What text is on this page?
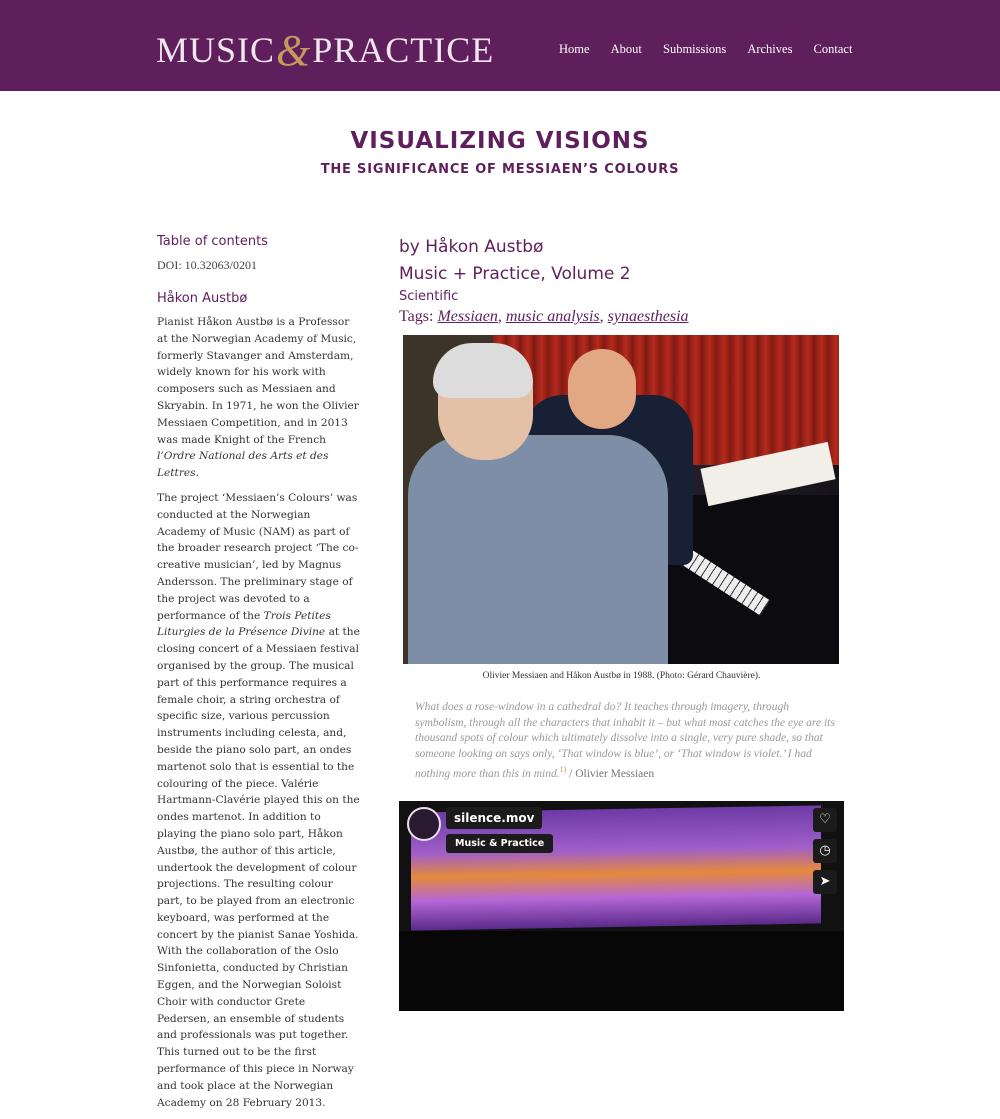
MUSIC&PRACTICE	Home About Submissions Archives Contact
VISUALIZING VISIONS
THE SIGNIFICANCE OF MESSIAEN’S COLOURS
Table of contents
DOI: 10.32063/0201
Håkon Austbø

Pianist Håkon Austbø is a Professor at the Norwegian Academy of Music, formerly Stavanger and Amsterdam, widely known for his work with composers such as Messiaen and Skryabin. In 1971, he won the Olivier Messiaen Competition, and in 2013 was made Knight of the French l’Ordre National des Arts et des Lettres.

The project ‘Messiaen’s Colours’ was conducted at the Norwegian Academy of Music (NAM) as part of the broader research project ‘The co-creative musician’, led by Magnus Andersson. The preliminary stage of the project was devoted to a performance of the Trois Petites Liturgies de la Présence Divine at the closing concert of a Messiaen festival organised by the group. The musical part of this performance requires a female choir, a string orchestra of specific size, various percussion instruments including celesta, and, beside the piano solo part, an ondes martenot solo that is essential to the colouring of the piece. Valérie Hartmann-Clavérie played this on the ondes martenot. In addition to playing the piano solo part, Håkon Austbø, the author of this article, undertook the development of colour projections. The resulting colour part, to be played from an electronic keyboard, was performed at the concert by the pianist Sanae Yoshida. With the collaboration of the Oslo Sinfonietta, conducted by Christian Eggen, and the Norwegian Soloist Choir with conductor Grete Pedersen, an ensemble of students and professionals was put together. This turned out to be the first performance of this piece in Norway and took place at the Norwegian Academy on 28 February 2013.

by Håkon Austbø
Music + Practice, Volume 2
Scientific
Tags: Messiaen, music analysis, synaesthesia
Olivier Messiaen and Håkon Austbø in 1988. (Photo: Gérard Chauvière).
What does a rose-window in a cathedral do? It teaches through imagery, through symbolism, through all the characters that inhabit it – but what most catches the eye are its thousand spots of colour which ultimately dissolve into a single, very pure shade, so that someone looking on says only, ‘That window is blue’, or ‘That window is violet.’ I had nothing more than this in mind.$^{1)}$ / Olivier Messiaen
silence.mov
Music & Practice
♡
◷
➤
